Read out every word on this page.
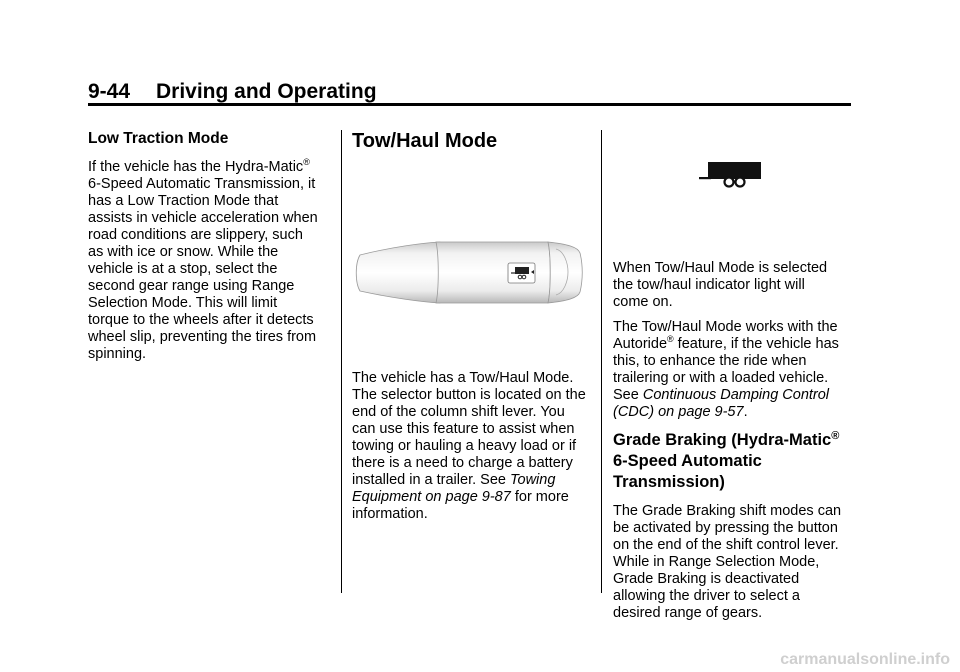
9-44 Driving and Operating
Low Traction Mode
If the vehicle has the Hydra-Matic®
6-Speed Automatic Transmission, it
has a Low Traction Mode that
assists in vehicle acceleration when
road conditions are slippery, such
as with ice or snow. While the
vehicle is at a stop, select the
second gear range using Range
Selection Mode. This will limit
torque to the wheels after it detects
wheel slip, preventing the tires from
spinning.
Tow/Haul Mode
The vehicle has a Tow/Haul Mode.
The selector button is located on the
end of the column shift lever. You
can use this feature to assist when
towing or hauling a heavy load or if
there is a need to charge a battery
installed in a trailer. See Towing
Equipment on page 9-87 for more
information.

When Tow/Haul Mode is selected
the tow/haul indicator light will
come on.

The Tow/Haul Mode works with the
Autoride® feature, if the vehicle has
this, to enhance the ride when
trailering or with a loaded vehicle.
See Continuous Damping Control
(CDC) on page 9-57.

Grade Braking (Hydra-Matic®
6-Speed Automatic
Transmission)
The Grade Braking shift modes can
be activated by pressing the button
on the end of the shift control lever.
While in Range Selection Mode,
Grade Braking is deactivated
allowing the driver to select a
desired range of gears.
carmanualsonline.info
